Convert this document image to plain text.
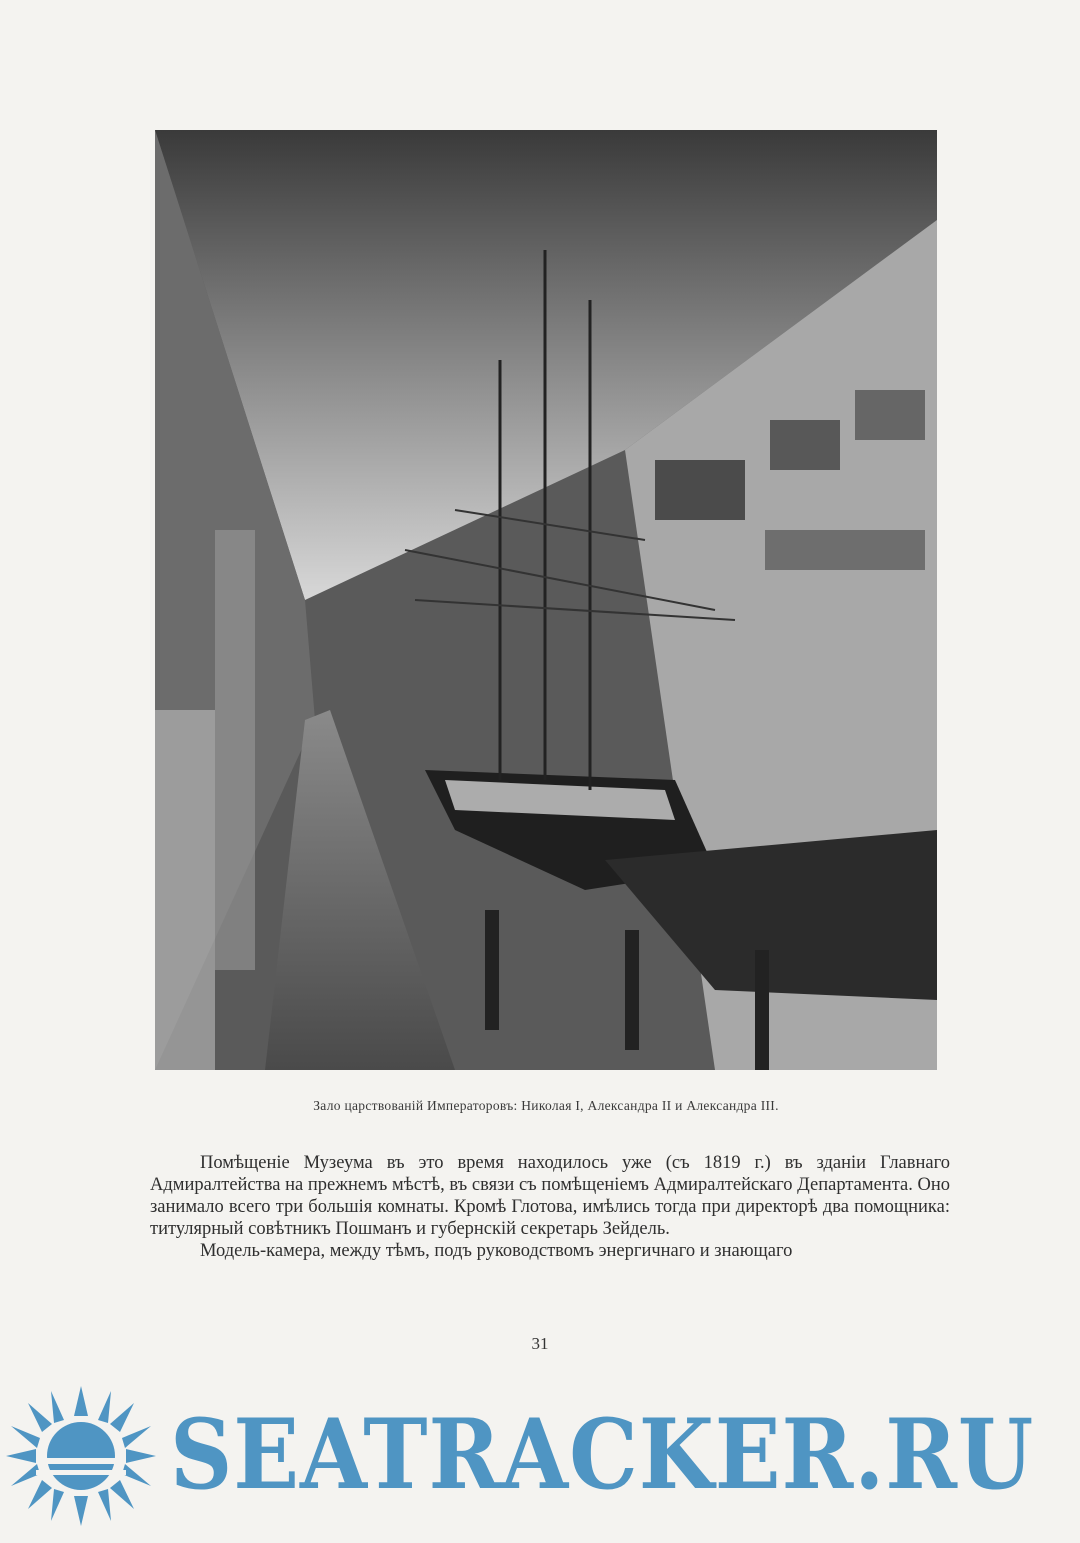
Зало царствованій Императоровъ: Николая I, Александра II и Александра III.

Помѣщеніе Музеума въ это время находилось уже (съ 1819 г.) въ зданіи Главнаго Адмиралтейства на прежнемъ мѣстѣ, въ связи съ помѣщеніемъ Адмиралтейскаго Департамента. Оно занимало всего три большія комнаты. Кромѣ Глотова, имѣлись тогда при директорѣ два помощника: титулярный совѣтникъ Пошманъ и губернскій секретарь Зейдель.

Модель-камера, между тѣмъ, подъ руководствомъ энергичнаго и знающаго

31
SEATRACKER.RU
